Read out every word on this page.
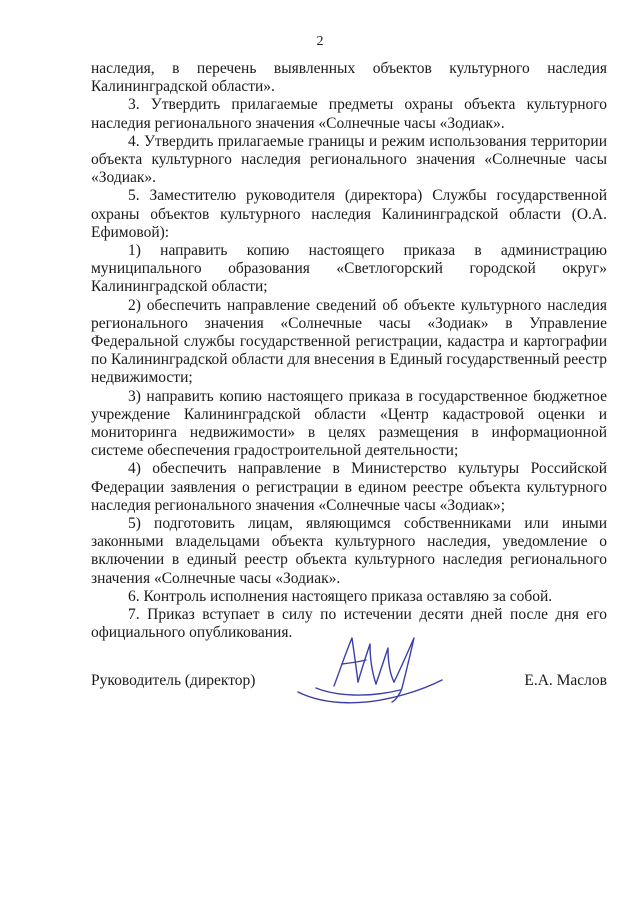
2

наследия, в перечень выявленных объектов культурного наследия Калининградской области».

3. Утвердить прилагаемые предметы охраны объекта культурного наследия регионального значения «Солнечные часы «Зодиак».

4. Утвердить прилагаемые границы и режим использования территории объекта культурного наследия регионального значения «Солнечные часы «Зодиак».

5. Заместителю руководителя (директора) Службы государственной охраны объектов культурного наследия Калининградской области (О.А. Ефимовой):

1) направить копию настоящего приказа в администрацию муниципального образования «Светлогорский городской округ» Калининградской области;

2) обеспечить направление сведений об объекте культурного наследия регионального значения «Солнечные часы «Зодиак» в Управление Федеральной службы государственной регистрации, кадастра и картографии по Калининградской области для внесения в Единый государственный реестр недвижимости;

3) направить копию настоящего приказа в государственное бюджетное учреждение Калининградской области «Центр кадастровой оценки и мониторинга недвижимости» в целях размещения в информационной системе обеспечения градостроительной деятельности;

4) обеспечить направление в Министерство культуры Российской Федерации заявления о регистрации в едином реестре объекта культурного наследия регионального значения «Солнечные часы «Зодиак»;

5) подготовить лицам, являющимся собственниками или иными законными владельцами объекта культурного наследия, уведомление о включении в единый реестр объекта культурного наследия регионального значения «Солнечные часы «Зодиак».

6. Контроль исполнения настоящего приказа оставляю за собой.

7. Приказ вступает в силу по истечении десяти дней после дня его официального опубликования.

Руководитель (директор)	Е.А. Маслов
